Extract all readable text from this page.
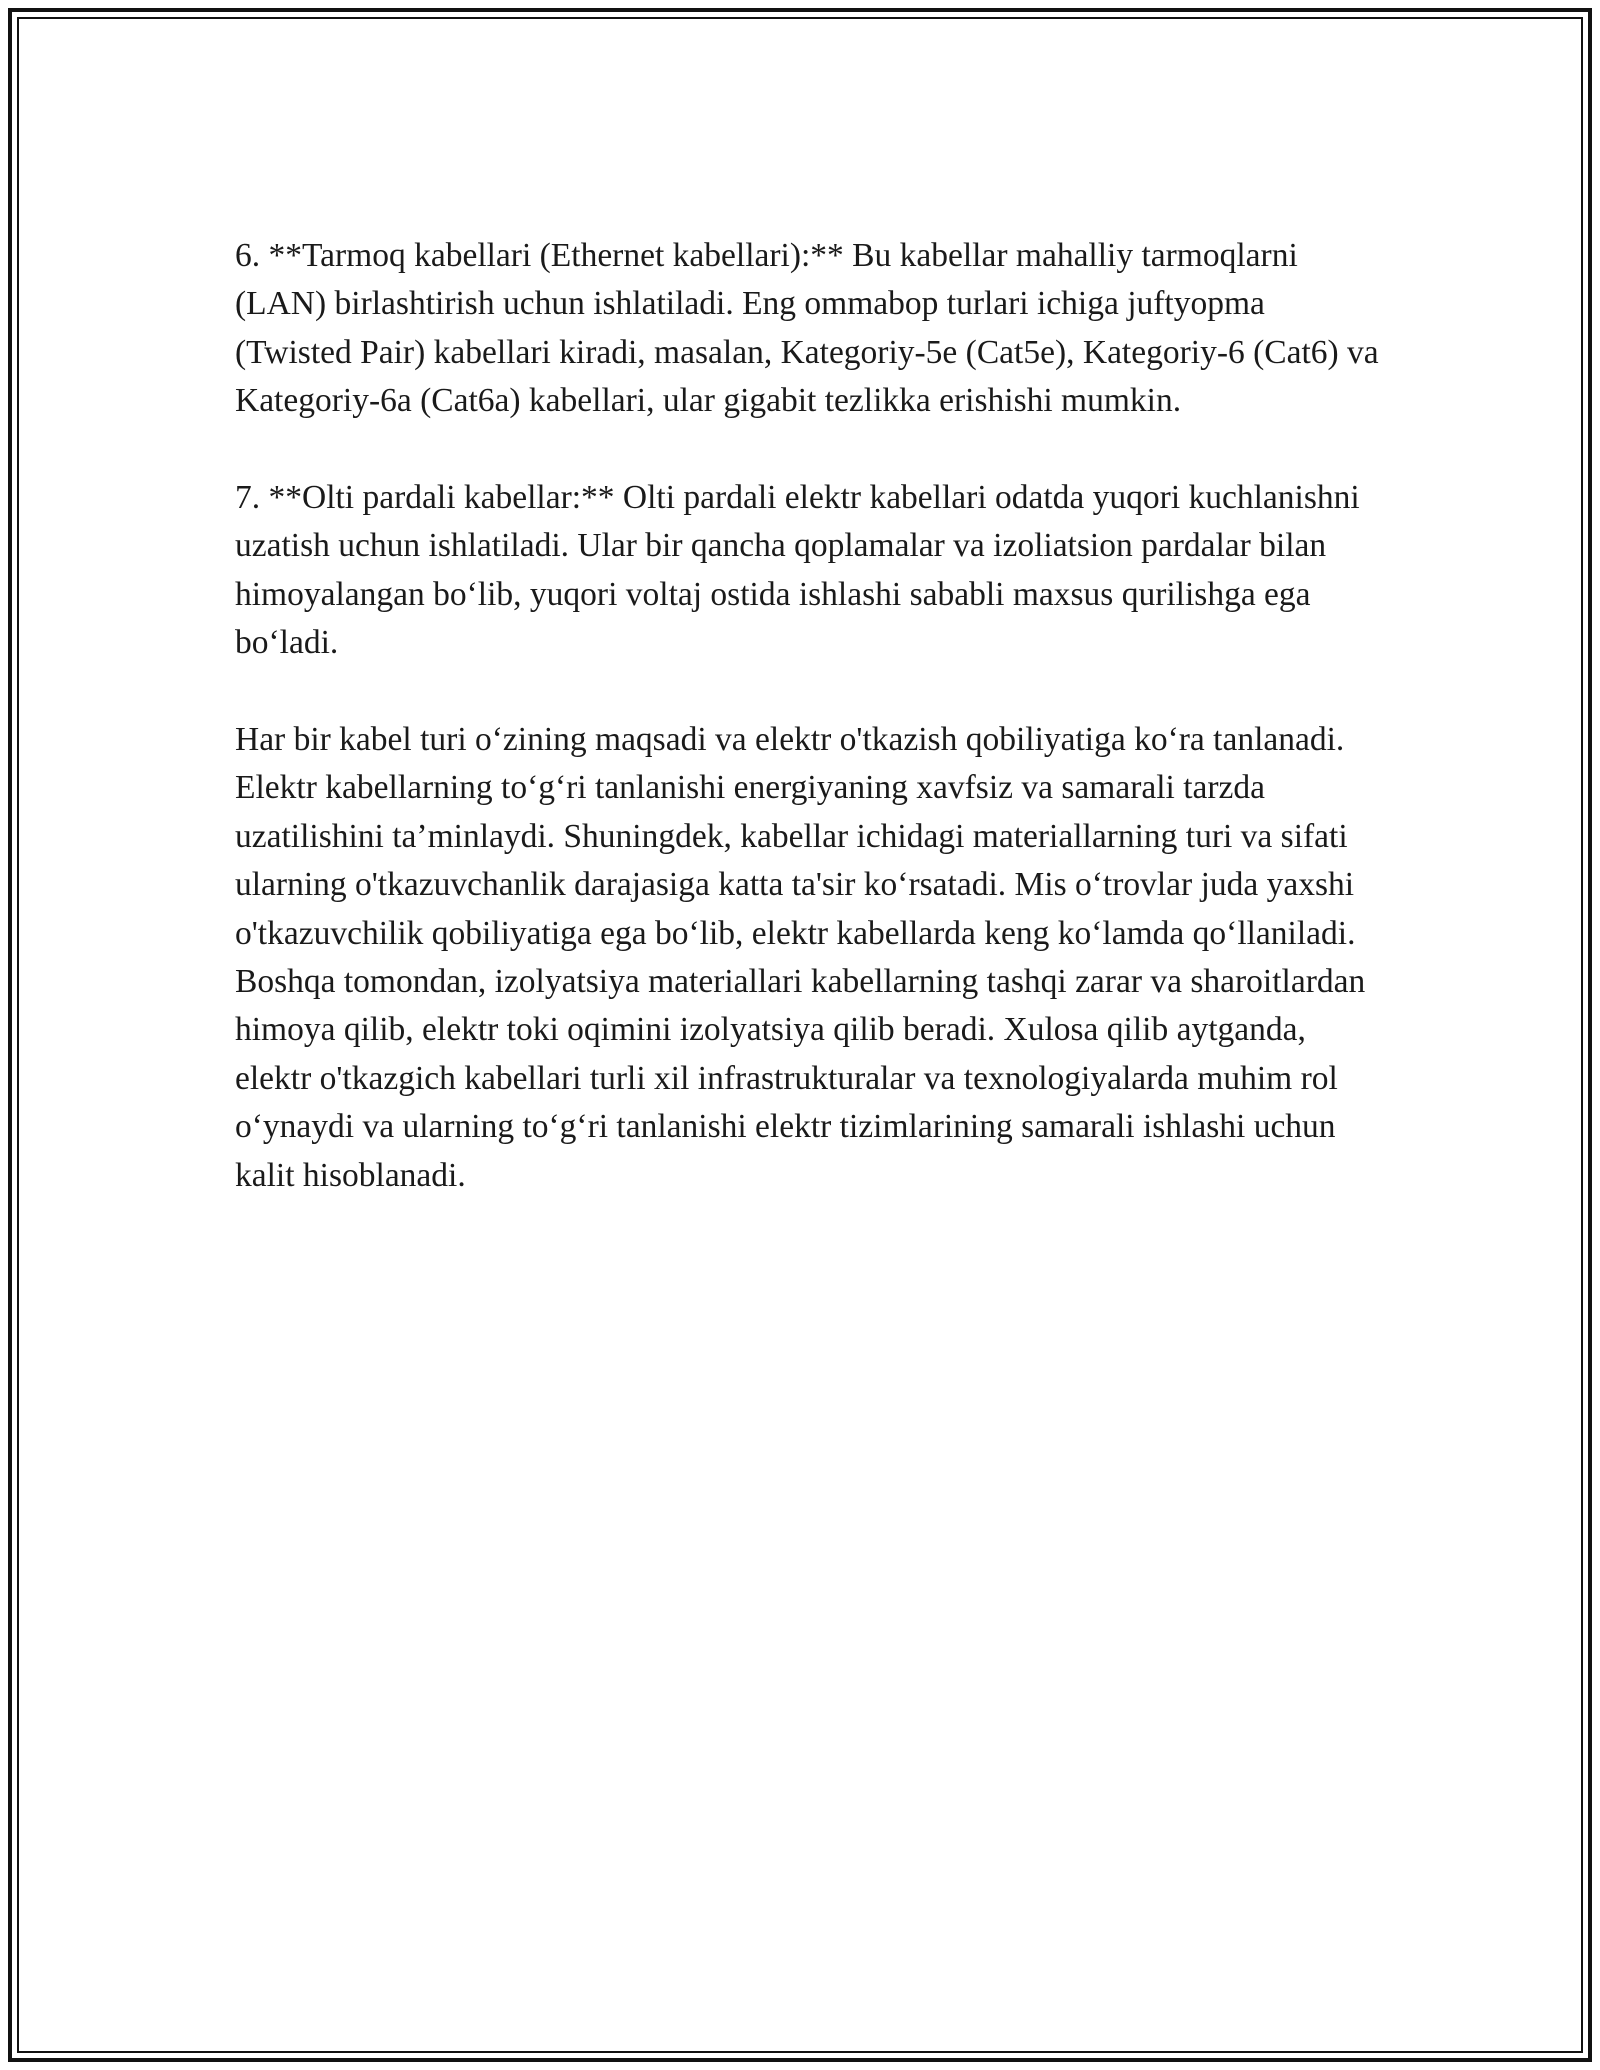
6. **Tarmoq kabellari (Ethernet kabellari):** Bu kabellar mahalliy tarmoqlarni (LAN) birlashtirish uchun ishlatiladi. Eng ommabop turlari ichiga juftyopma (Twisted Pair) kabellari kiradi, masalan, Kategoriy-5e (Cat5e), Kategoriy-6 (Cat6) va Kategoriy-6a (Cat6a) kabellari, ular gigabit tezlikka erishishi mumkin.

7. **Olti pardali kabellar:** Olti pardali elektr kabellari odatda yuqori kuchlanishni uzatish uchun ishlatiladi. Ular bir qancha qoplamalar va izoliatsion pardalar bilan himoyalangan bo‘lib, yuqori voltaj ostida ishlashi sababli maxsus qurilishga ega bo‘ladi.

Har bir kabel turi o‘zining maqsadi va elektr o'tkazish qobiliyatiga ko‘ra tanlanadi. Elektr kabellarning to‘g‘ri tanlanishi energiyaning xavfsiz va samarali tarzda uzatilishini ta’minlaydi. Shuningdek, kabellar ichidagi materiallarning turi va sifati ularning o'tkazuvchanlik darajasiga katta ta'sir ko‘rsatadi. Mis o‘trovlar juda yaxshi o'tkazuvchilik qobiliyatiga ega bo‘lib, elektr kabellarda keng ko‘lamda qo‘llaniladi. Boshqa tomondan, izolyatsiya materiallari kabellarning tashqi zarar va sharoitlardan himoya qilib, elektr toki oqimini izolyatsiya qilib beradi. Xulosa qilib aytganda, elektr o'tkazgich kabellari turli xil infrastrukturalar va texnologiyalarda muhim rol o‘ynaydi va ularning to‘g‘ri tanlanishi elektr tizimlarining samarali ishlashi uchun kalit hisoblanadi.
